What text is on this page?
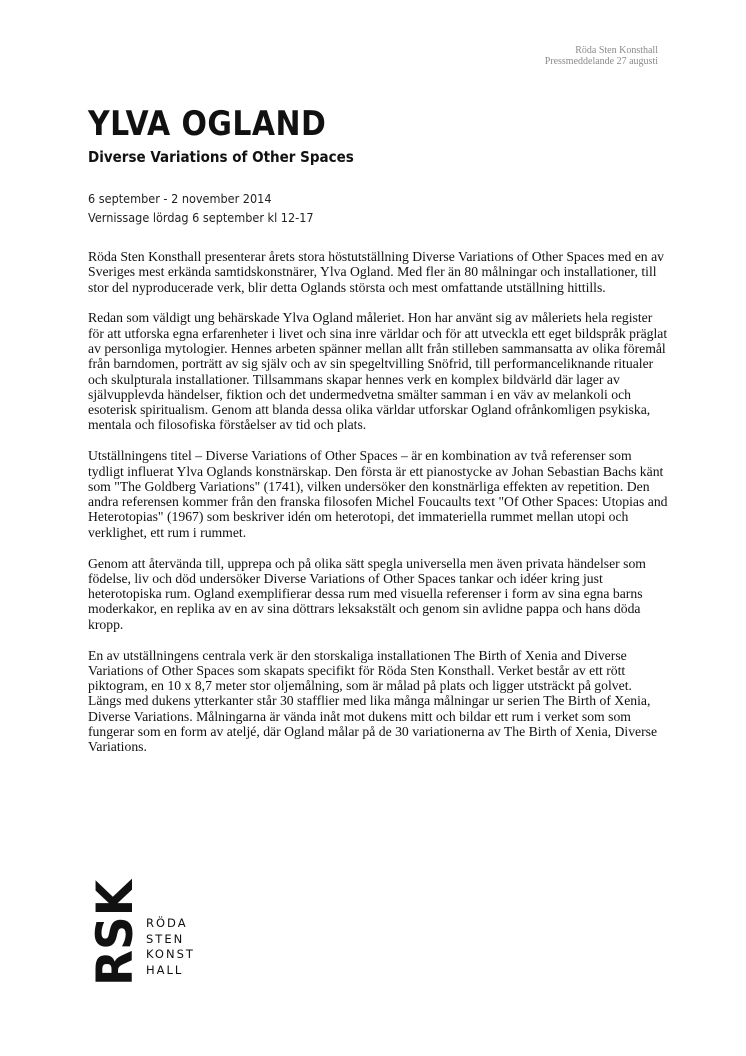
Röda Sten Konsthall
Pressmeddelande 27 augusti
YLVA OGLAND
Diverse Variations of Other Spaces
6 september - 2 november 2014
Vernissage lördag 6 september kl 12-17

Röda Sten Konsthall presenterar årets stora höstutställning Diverse Variations of Other Spaces med en av Sveriges mest erkända samtidskonstnärer, Ylva Ogland. Med fler än 80 målningar och installationer, till stor del nyproducerade verk, blir detta Oglands största och mest omfattande utställning hittills.

Redan som väldigt ung behärskade Ylva Ogland måleriet. Hon har använt sig av måleriets hela register för att utforska egna erfarenheter i livet och sina inre världar och för att utveckla ett eget bildspråk präglat av personliga mytologier. Hennes arbeten spänner mellan allt från stilleben sammansatta av olika föremål från barndomen, porträtt av sig själv och av sin spegeltvilling Snöfrid, till performanceliknande ritualer och skulpturala installationer. Tillsammans skapar hennes verk en komplex bildvärld där lager av självupplevda händelser, fiktion och det undermedvetna smälter samman i en väv av melankoli och esoterisk spiritualism. Genom att blanda dessa olika världar utforskar Ogland ofrånkomligen psykiska, mentala och filosofiska förståelser av tid och plats.

Utställningens titel – Diverse Variations of Other Spaces – är en kombination av två referenser som tydligt influerat Ylva Oglands konstnärskap. Den första är ett pianostycke av Johan Sebastian Bachs känt som "The Goldberg Variations" (1741), vilken undersöker den konstnärliga effekten av repetition. Den andra referensen kommer från den franska filosofen Michel Foucaults text "Of Other Spaces: Utopias and Heterotopias" (1967) som beskriver idén om heterotopi, det immateriella rummet mellan utopi och verklighet, ett rum i rummet.

Genom att återvända till, upprepa och på olika sätt spegla universella men även privata händelser som födelse, liv och död undersöker Diverse Variations of Other Spaces tankar och idéer kring just heterotopiska rum. Ogland exemplifierar dessa rum med visuella referenser i form av sina egna barns moderkakor, en replika av en av sina döttrars leksakstält och genom sin avlidne pappa och hans döda kropp.

En av utställningens centrala verk är den storskaliga installationen The Birth of Xenia and Diverse Variations of Other Spaces som skapats specifikt för Röda Sten Konsthall. Verket består av ett rött piktogram, en 10 x 8,7 meter stor oljemålning, som är målad på plats och ligger utsträckt på golvet. Längs med dukens ytterkanter står 30 stafflier med lika många målningar ur serien The Birth of Xenia, Diverse Variations. Målningarna är vända inåt mot dukens mitt och bildar ett rum i verket som som fungerar som en form av ateljé, där Ogland målar på de 30 variationerna av The Birth of Xenia, Diverse Variations.

RSK RÖDA
STEN
KONST
HALL
